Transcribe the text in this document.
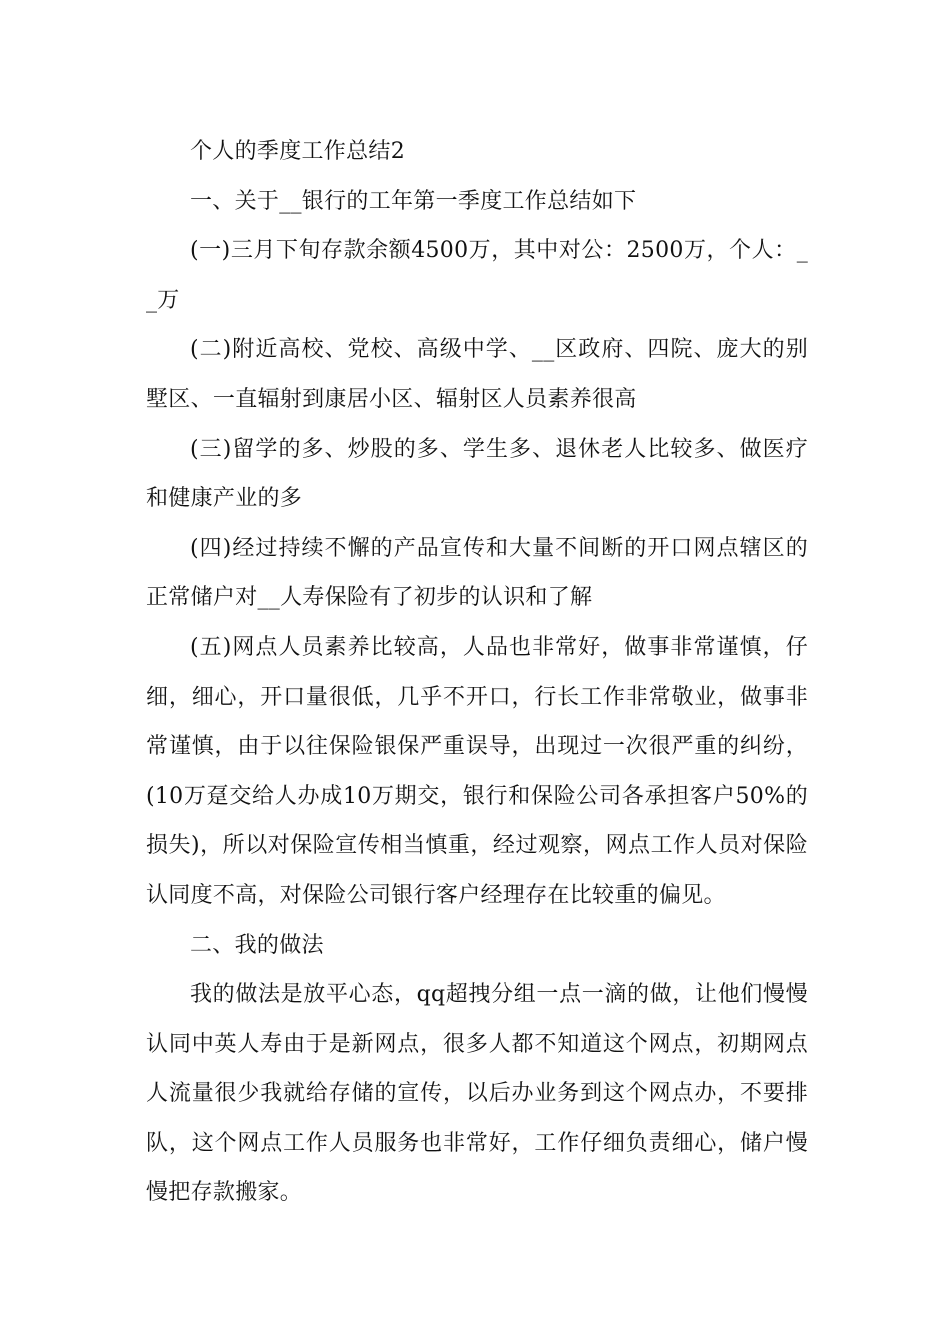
个人的季度工作总结2

一、关于__银行的工年第一季度工作总结如下

(一)三月下旬存款余额4500万，其中对公：2500万，个人：__万

(二)附近高校、党校、高级中学、__区政府、四院、庞大的别墅区、一直辐射到康居小区、辐射区人员素养很高

(三)留学的多、炒股的多、学生多、退休老人比较多、做医疗和健康产业的多

(四)经过持续不懈的产品宣传和大量不间断的开口网点辖区的正常储户对__人寿保险有了初步的认识和了解

(五)网点人员素养比较高，人品也非常好，做事非常谨慎，仔细，细心，开口量很低，几乎不开口，行长工作非常敬业，做事非常谨慎，由于以往保险银保严重误导，出现过一次很严重的纠纷，(10万趸交给人办成10万期交，银行和保险公司各承担客户50%的损失)，所以对保险宣传相当慎重，经过观察，网点工作人员对保险认同度不高，对保险公司银行客户经理存在比较重的偏见。

二、我的做法

我的做法是放平心态，qq超拽分组一点一滴的做，让他们慢慢认同中英人寿由于是新网点，很多人都不知道这个网点，初期网点人流量很少我就给存储的宣传，以后办业务到这个网点办，不要排队，这个网点工作人员服务也非常好，工作仔细负责细心，储户慢慢把存款搬家。
